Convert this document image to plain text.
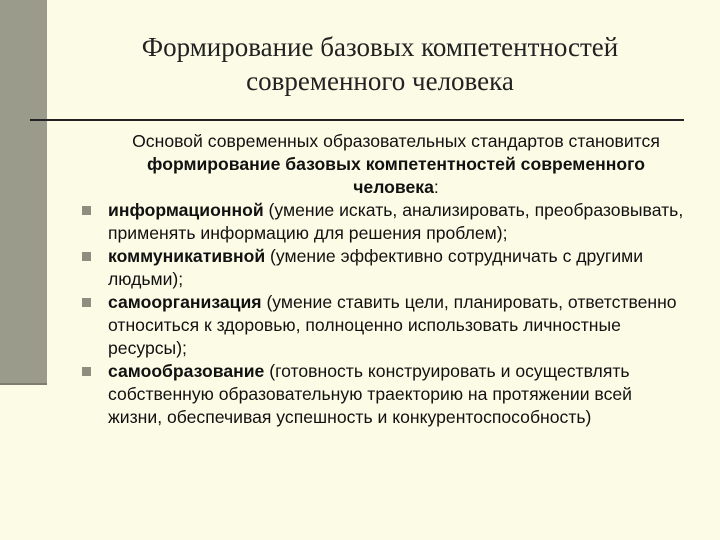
Формирование базовых компетентностей
современного человека
Основой современных образовательных стандартов становится формирование базовых компетентностей современного человека:
информационной (умение искать, анализировать, преобразовывать, применять информацию для решения проблем);
коммуникативной (умение эффективно сотрудничать с другими людьми);
самоорганизация (умение ставить цели, планировать, ответственно относиться к здоровью, полноценно использовать личностные ресурсы);
самообразование (готовность конструировать и осуществлять собственную образовательную траекторию на протяжении всей жизни, обеспечивая успешность и конкурентоспособность)
